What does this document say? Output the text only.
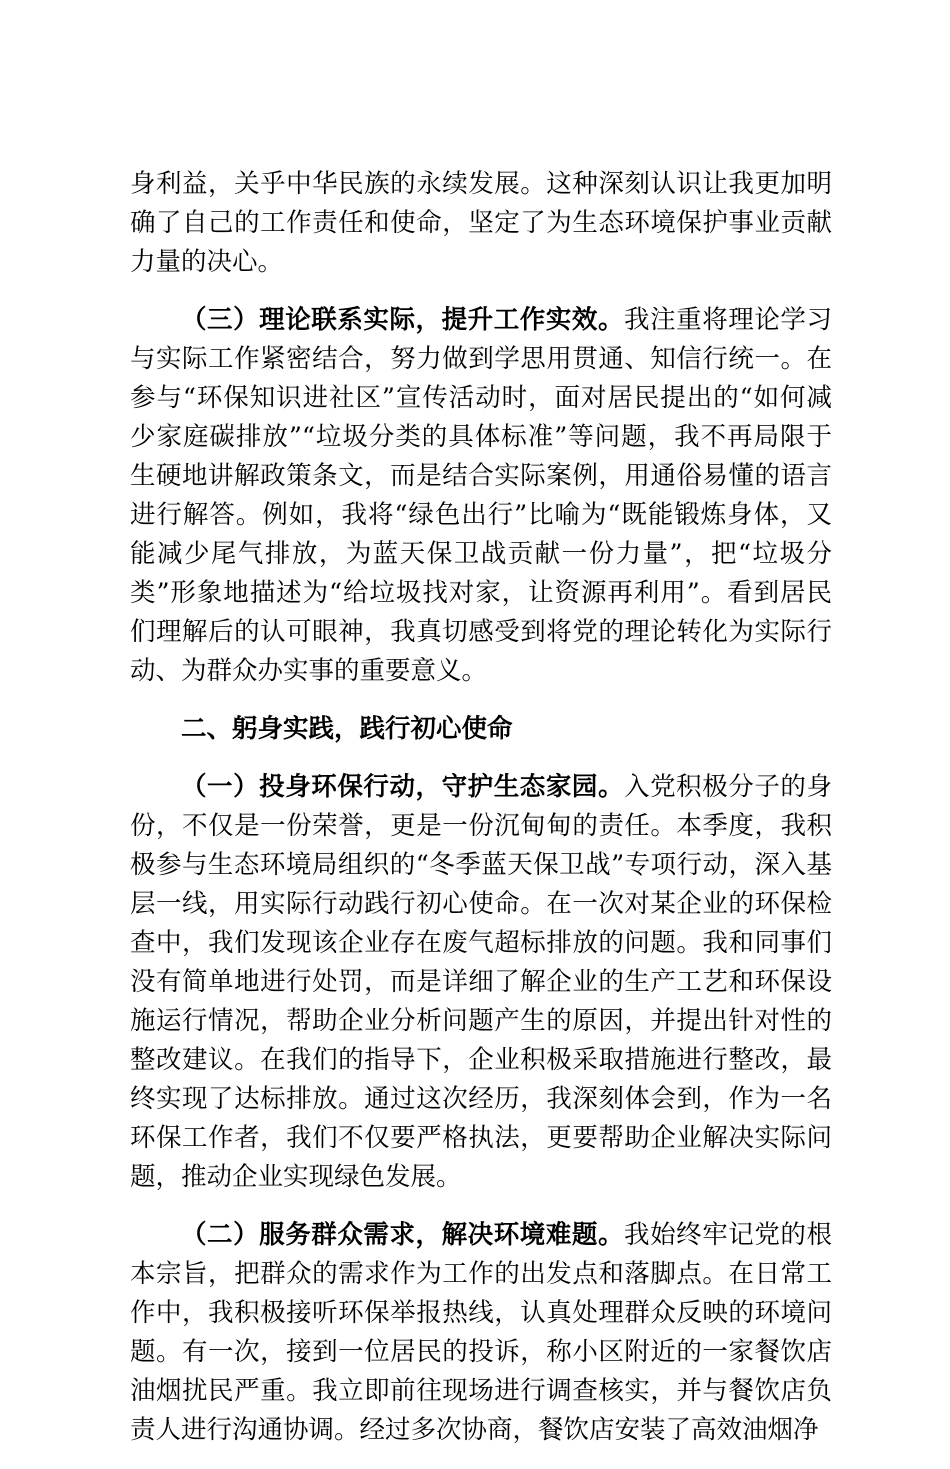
身利益，关乎中华民族的永续发展。这种深刻认识让我更加明确了自己的工作责任和使命，坚定了为生态环境保护事业贡献力量的决心。

（三）理论联系实际，提升工作实效。我注重将理论学习与实际工作紧密结合，努力做到学思用贯通、知信行统一。在参与“环保知识进社区”宣传活动时，面对居民提出的“如何减少家庭碳排放”“垃圾分类的具体标准”等问题，我不再局限于生硬地讲解政策条文，而是结合实际案例，用通俗易懂的语言进行解答。例如，我将“绿色出行”比喻为“既能锻炼身体，又能减少尾气排放，为蓝天保卫战贡献一份力量”，把“垃圾分类”形象地描述为“给垃圾找对家，让资源再利用”。看到居民们理解后的认可眼神，我真切感受到将党的理论转化为实际行动、为群众办实事的重要意义。

二、躬身实践，践行初心使命

（一）投身环保行动，守护生态家园。入党积极分子的身份，不仅是一份荣誉，更是一份沉甸甸的责任。本季度，我积极参与生态环境局组织的“冬季蓝天保卫战”专项行动，深入基层一线，用实际行动践行初心使命。在一次对某企业的环保检查中，我们发现该企业存在废气超标排放的问题。我和同事们没有简单地进行处罚，而是详细了解企业的生产工艺和环保设施运行情况，帮助企业分析问题产生的原因，并提出针对性的整改建议。在我们的指导下，企业积极采取措施进行整改，最终实现了达标排放。通过这次经历，我深刻体会到，作为一名环保工作者，我们不仅要严格执法，更要帮助企业解决实际问题，推动企业实现绿色发展。

（二）服务群众需求，解决环境难题。我始终牢记党的根本宗旨，把群众的需求作为工作的出发点和落脚点。在日常工作中，我积极接听环保举报热线，认真处理群众反映的环境问题。有一次，接到一位居民的投诉，称小区附近的一家餐饮店油烟扰民严重。我立即前往现场进行调查核实，并与餐饮店负责人进行沟通协调。经过多次协商，餐饮店安装了高效油烟净
